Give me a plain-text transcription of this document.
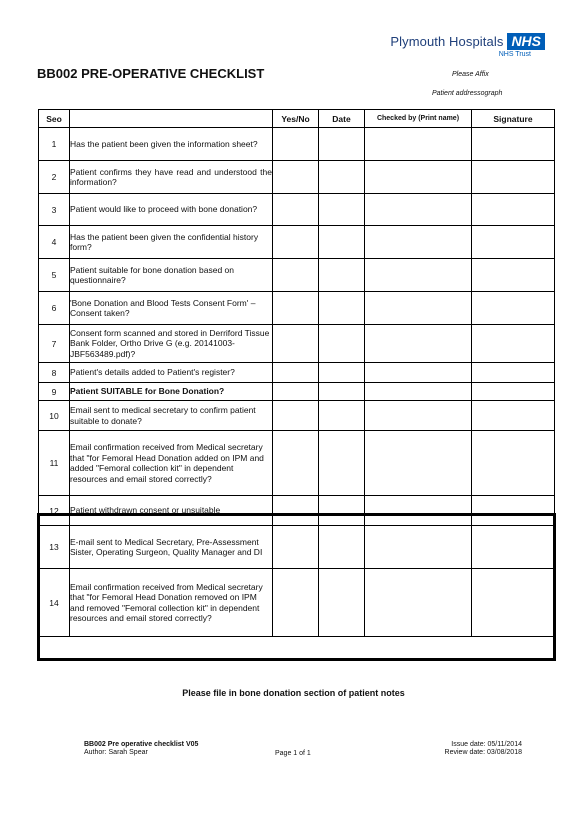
Plymouth Hospitals NHS
NHS Trust
BB002 PRE-OPERATIVE CHECKLIST	Please Affix
Patient addressograph
Seo		Yes/No	Date	Checked by (Print name)	Signature
1	Has the patient been given the information sheet?				
2	Patient confirms they have read and understood the information?				
3	Patient would like to proceed with bone donation?				
4	Has the patient been given the confidential history form?				
5	Patient suitable for bone donation based on questionnaire?				
6	'Bone Donation and Blood Tests Consent Form' – Consent taken?				
7	Consent form scanned and stored in Derriford Tissue Bank Folder, Ortho Drive G (e.g. 20141003-JBF563489.pdf)?				
8	Patient's details added to Patient's register?				
9	Patient SUITABLE for Bone Donation?				
10	Email sent to medical secretary to confirm patient suitable to donate?				
11	Email confirmation received from Medical secretary that "for Femoral Head Donation added on IPM and added "Femoral collection kit" in dependent resources and email stored correctly?				
12	Patient withdrawn consent or unsuitable				
13	E-mail sent to Medical Secretary, Pre-Assessment Sister, Operating Surgeon, Quality Manager and DI				
14	Email confirmation received from Medical secretary that "for Femoral Head Donation removed on IPM and removed "Femoral collection kit" in dependent resources and email stored correctly?				
Please file in bone donation section of patient notes
BB002 Pre operative checklist V05
Author: Sarah Spear	Page 1 of 1
Issue date: 05/11/2014
Review date: 03/08/2018
